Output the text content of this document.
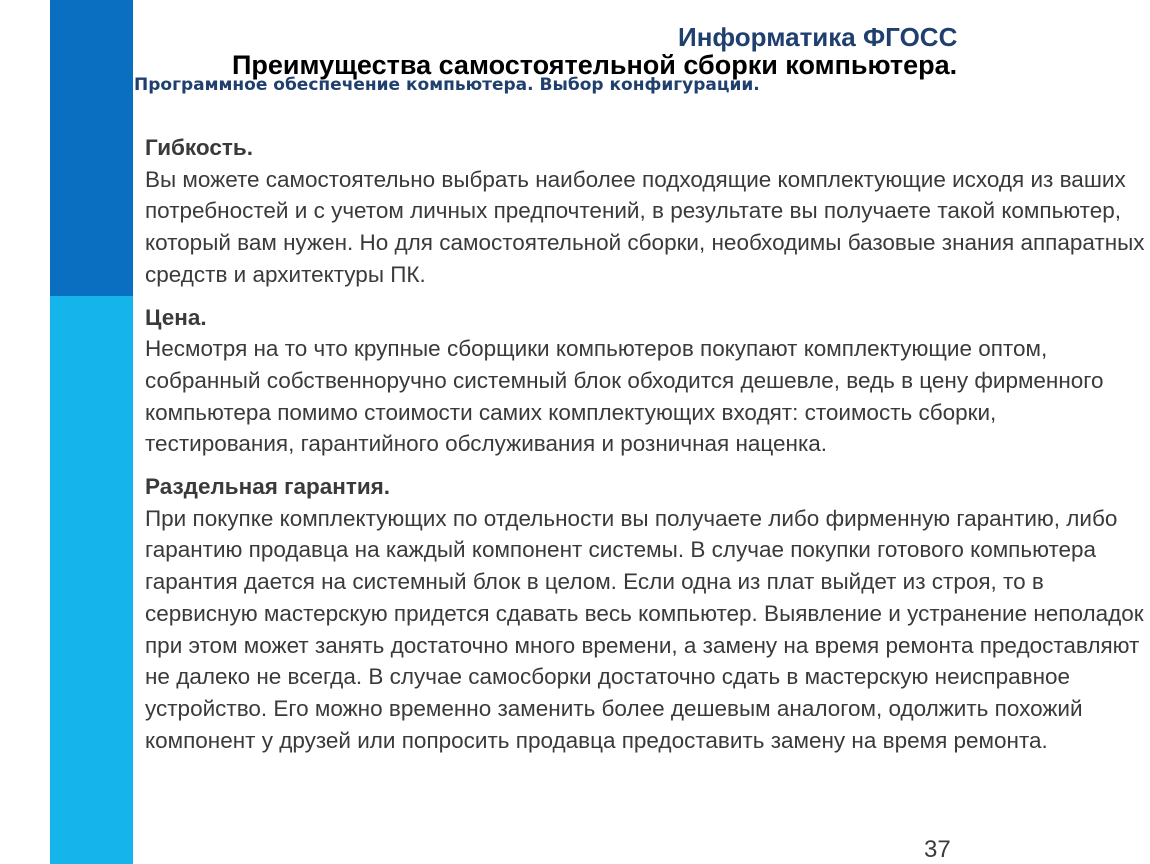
Программное обеспечение компьютера. Выбор конфигурации.
Информатика ФГОСС
Преимущества самостоятельной сборки компьютера.
Гибкость.

Вы можете самостоятельно выбрать наиболее подходящие комплектующие исходя из ваших потребностей и с учетом личных предпочтений, в результате вы получаете такой компьютер, который вам нужен. Но для самостоятельной сборки, необходимы базовые знания аппаратных средств и архитектуры ПК.

Цена.

Несмотря на то что крупные сборщики компьютеров покупают комплектующие оптом, собранный собственноручно системный блок обходится дешевле, ведь в цену фирменного компьютера помимо стоимости самих комплектующих входят: стоимость сборки, тестирования, гарантийного обслуживания и розничная наценка.

Раздельная гарантия.

При покупке комплектующих по отдельности вы получаете либо фирменную гарантию, либо гарантию продавца на каждый компонент системы. В случае покупки готового компьютера гарантия дается на системный блок в целом. Если одна из плат выйдет из строя, то в сервисную мастерскую придется сдавать весь компьютер. Выявление и устранение неполадок при этом может занять достаточно много времени, а замену на время ремонта предоставляют не далеко не всегда. В случае самосборки достаточно сдать в мастерскую неисправное устройство. Его можно временно заменить более дешевым аналогом, одолжить похожий компонент у друзей или попросить продавца предоставить замену на время ремонта.

37
